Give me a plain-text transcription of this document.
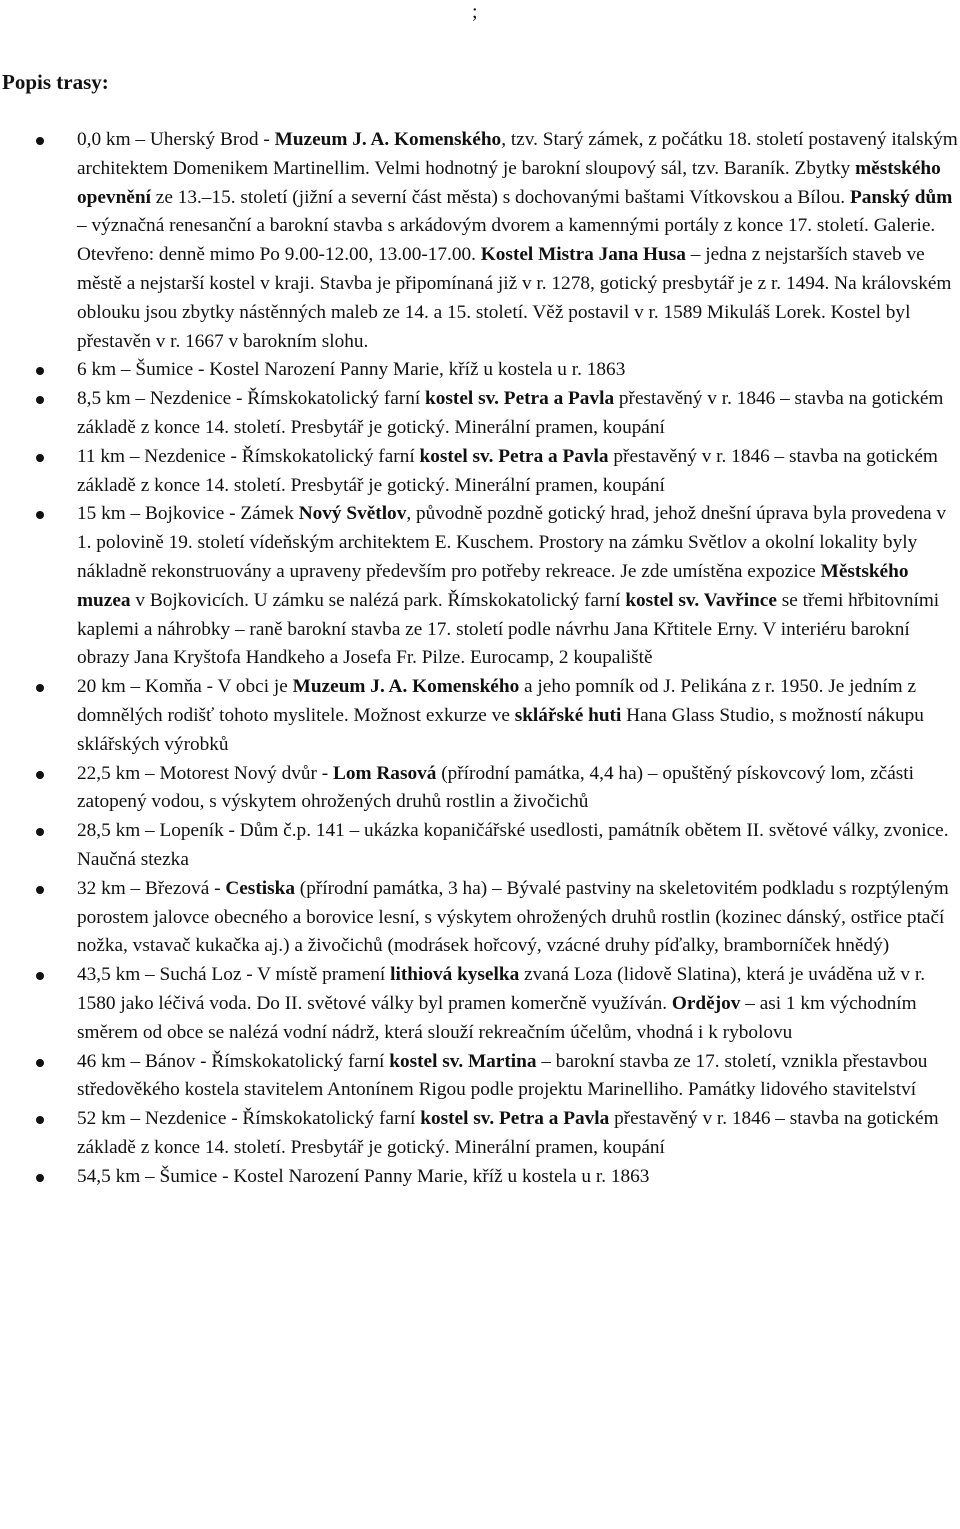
;
Popis trasy:
0,0 km – Uherský Brod - Muzeum J. A. Komenského, tzv. Starý zámek, z počátku 18. století postavený italským architektem Domenikem Martinellim. Velmi hodnotný je barokní sloupový sál, tzv. Baraník. Zbytky městského opevnění ze 13.–15. století (jižní a severní část města) s dochovanými baštami Vítkovskou a Bílou. Panský dům – význačná renesanční a barokní stavba s arkádovým dvorem a kamennými portály z konce 17. století. Galerie. Otevřeno: denně mimo Po 9.00-12.00, 13.00-17.00. Kostel Mistra Jana Husa – jedna z nejstarších staveb ve městě a nejstarší kostel v kraji. Stavba je připomínaná již v r. 1278, gotický presbytář je z r. 1494. Na královském oblouku jsou zbytky nástěnných maleb ze 14. a 15. století. Věž postavil v r. 1589 Mikuláš Lorek. Kostel byl přestavěn v r. 1667 v barokním slohu.
6 km – Šumice - Kostel Narození Panny Marie, kříž u kostela u r. 1863
8,5 km – Nezdenice - Římskokatolický farní kostel sv. Petra a Pavla přestavěný v r. 1846 – stavba na gotickém základě z konce 14. století. Presbytář je gotický. Minerální pramen, koupání
11 km – Nezdenice - Římskokatolický farní kostel sv. Petra a Pavla přestavěný v r. 1846 – stavba na gotickém základě z konce 14. století. Presbytář je gotický. Minerální pramen, koupání
15 km – Bojkovice - Zámek Nový Světlov, původně pozdně gotický hrad, jehož dnešní úprava byla provedena v 1. polovině 19. století vídeňským architektem E. Kuschem. Prostory na zámku Světlov a okolní lokality byly nákladně rekonstruovány a upraveny především pro potřeby rekreace. Je zde umístěna expozice Městského muzea v Bojkovicích. U zámku se nalézá park. Římskokatolický farní kostel sv. Vavřince se třemi hřbitovními kaplemi a náhrobky – raně barokní stavba ze 17. století podle návrhu Jana Křtitele Erny. V interiéru barokní obrazy Jana Kryštofa Handkeho a Josefa Fr. Pilze. Eurocamp, 2 koupaliště
20 km – Komňa - V obci je Muzeum J. A. Komenského a jeho pomník od J. Pelikána z r. 1950. Je jedním z domnělých rodišť tohoto myslitele. Možnost exkurze ve sklářské huti Hana Glass Studio, s možností nákupu sklářských výrobků
22,5 km – Motorest Nový dvůr - Lom Rasová (přírodní památka, 4,4 ha) – opuštěný pískovcový lom, zčásti zatopený vodou, s výskytem ohrožených druhů rostlin a živočichů
28,5 km – Lopeník - Dům č.p. 141 – ukázka kopaničářské usedlosti, památník obětem II. světové války, zvonice. Naučná stezka
32 km – Březová - Cestiska (přírodní památka, 3 ha) – Bývalé pastviny na skeletovitém podkladu s rozptýleným porostem jalovce obecného a borovice lesní, s výskytem ohrožených druhů rostlin (kozinec dánský, ostřice ptačí nožka, vstavač kukačka aj.) a živočichů (modrásek hořcový, vzácné druhy píďalky, bramborníček hnědý)
43,5 km – Suchá Loz - V místě pramení lithiová kyselka zvaná Loza (lidově Slatina), která je uváděna už v r. 1580 jako léčivá voda. Do II. světové války byl pramen komerčně využíván. Ordějov – asi 1 km východním směrem od obce se nalézá vodní nádrž, která slouží rekreačním účelům, vhodná i k rybolovu
46 km – Bánov - Římskokatolický farní kostel sv. Martina – barokní stavba ze 17. století, vznikla přestavbou středověkého kostela stavitelem Antonínem Rigou podle projektu Marinelliho. Památky lidového stavitelství
52 km – Nezdenice - Římskokatolický farní kostel sv. Petra a Pavla přestavěný v r. 1846 – stavba na gotickém základě z konce 14. století. Presbytář je gotický. Minerální pramen, koupání
54,5 km – Šumice - Kostel Narození Panny Marie, kříž u kostela u r. 1863
